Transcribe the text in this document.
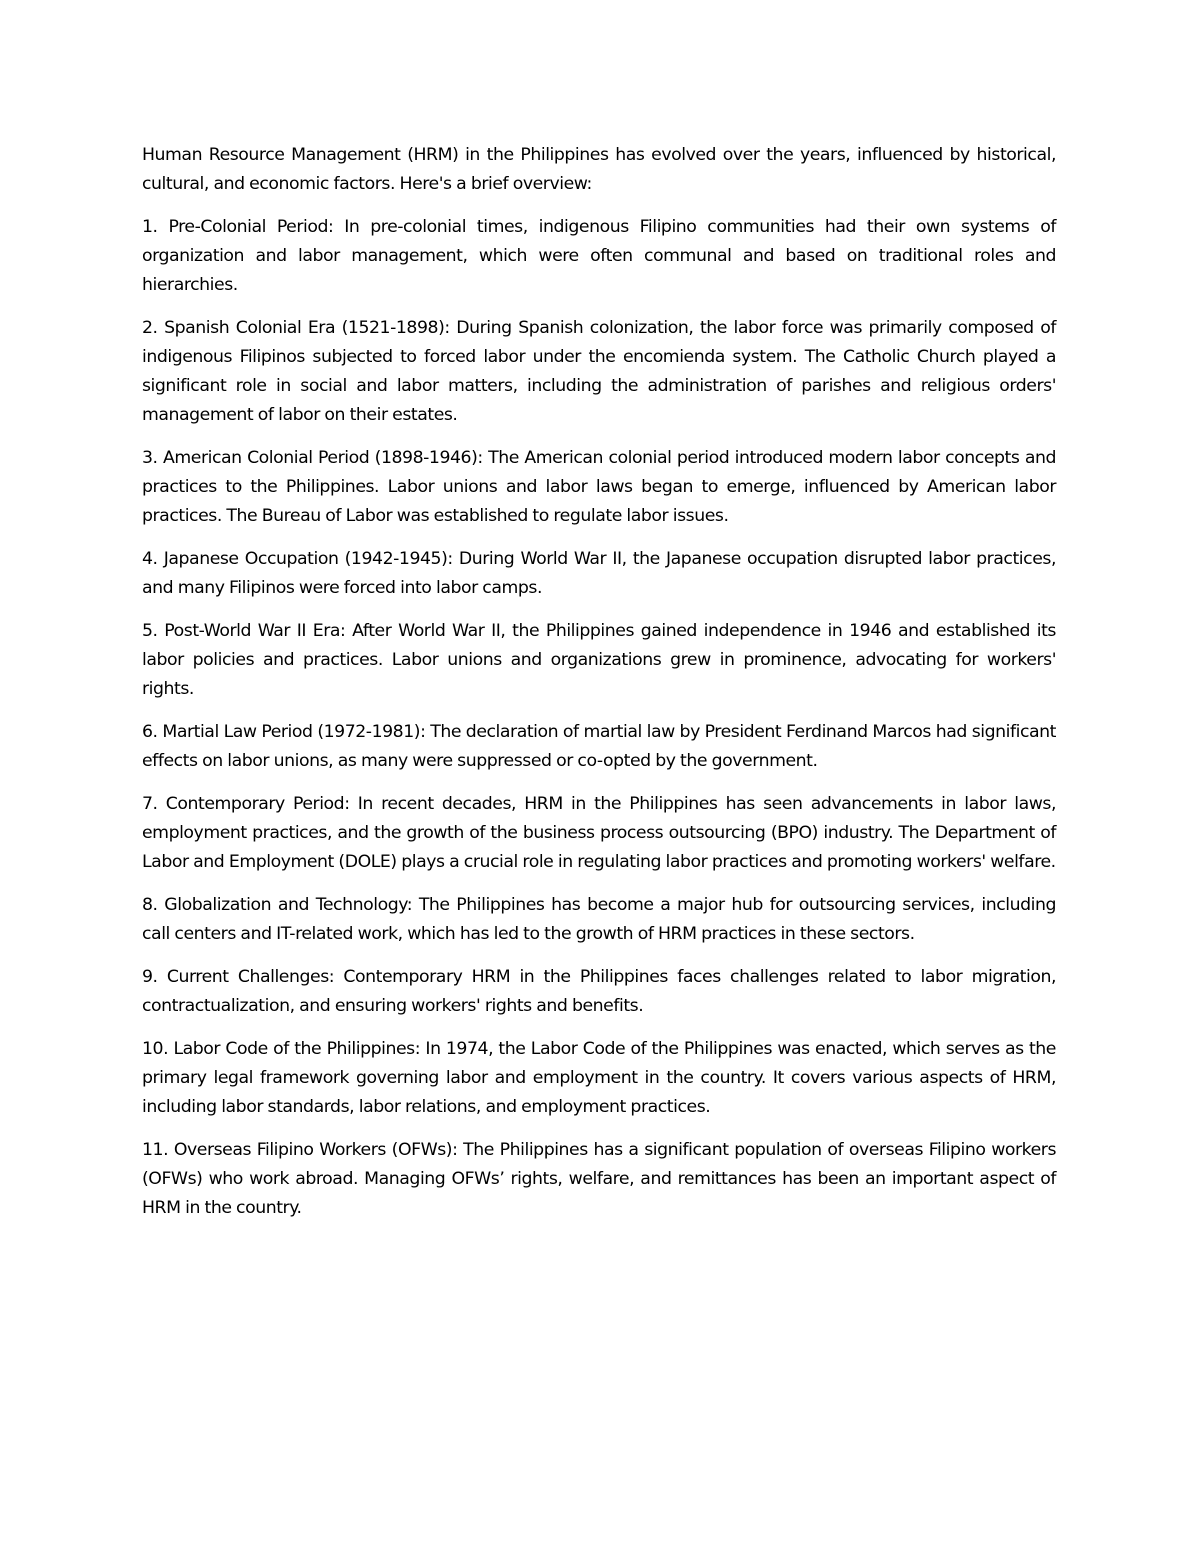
Human Resource Management (HRM) in the Philippines has evolved over the years, influenced by historical, cultural, and economic factors. Here's a brief overview:

1. Pre-Colonial Period: In pre-colonial times, indigenous Filipino communities had their own systems of organization and labor management, which were often communal and based on traditional roles and hierarchies.

2. Spanish Colonial Era (1521-1898): During Spanish colonization, the labor force was primarily composed of indigenous Filipinos subjected to forced labor under the encomienda system. The Catholic Church played a significant role in social and labor matters, including the administration of parishes and religious orders' management of labor on their estates.

3. American Colonial Period (1898-1946): The American colonial period introduced modern labor concepts and practices to the Philippines. Labor unions and labor laws began to emerge, influenced by American labor practices. The Bureau of Labor was established to regulate labor issues.

4. Japanese Occupation (1942-1945): During World War II, the Japanese occupation disrupted labor practices, and many Filipinos were forced into labor camps.

5. Post-World War II Era: After World War II, the Philippines gained independence in 1946 and established its labor policies and practices. Labor unions and organizations grew in prominence, advocating for workers' rights.

6. Martial Law Period (1972-1981): The declaration of martial law by President Ferdinand Marcos had significant effects on labor unions, as many were suppressed or co-opted by the government.

7. Contemporary Period: In recent decades, HRM in the Philippines has seen advancements in labor laws, employment practices, and the growth of the business process outsourcing (BPO) industry. The Department of Labor and Employment (DOLE) plays a crucial role in regulating labor practices and promoting workers' welfare.

8. Globalization and Technology: The Philippines has become a major hub for outsourcing services, including call centers and IT-related work, which has led to the growth of HRM practices in these sectors.

9. Current Challenges: Contemporary HRM in the Philippines faces challenges related to labor migration, contractualization, and ensuring workers' rights and benefits.

10. Labor Code of the Philippines: In 1974, the Labor Code of the Philippines was enacted, which serves as the primary legal framework governing labor and employment in the country. It covers various aspects of HRM, including labor standards, labor relations, and employment practices.

11. Overseas Filipino Workers (OFWs): The Philippines has a significant population of overseas Filipino workers (OFWs) who work abroad. Managing OFWs’ rights, welfare, and remittances has been an important aspect of HRM in the country.
